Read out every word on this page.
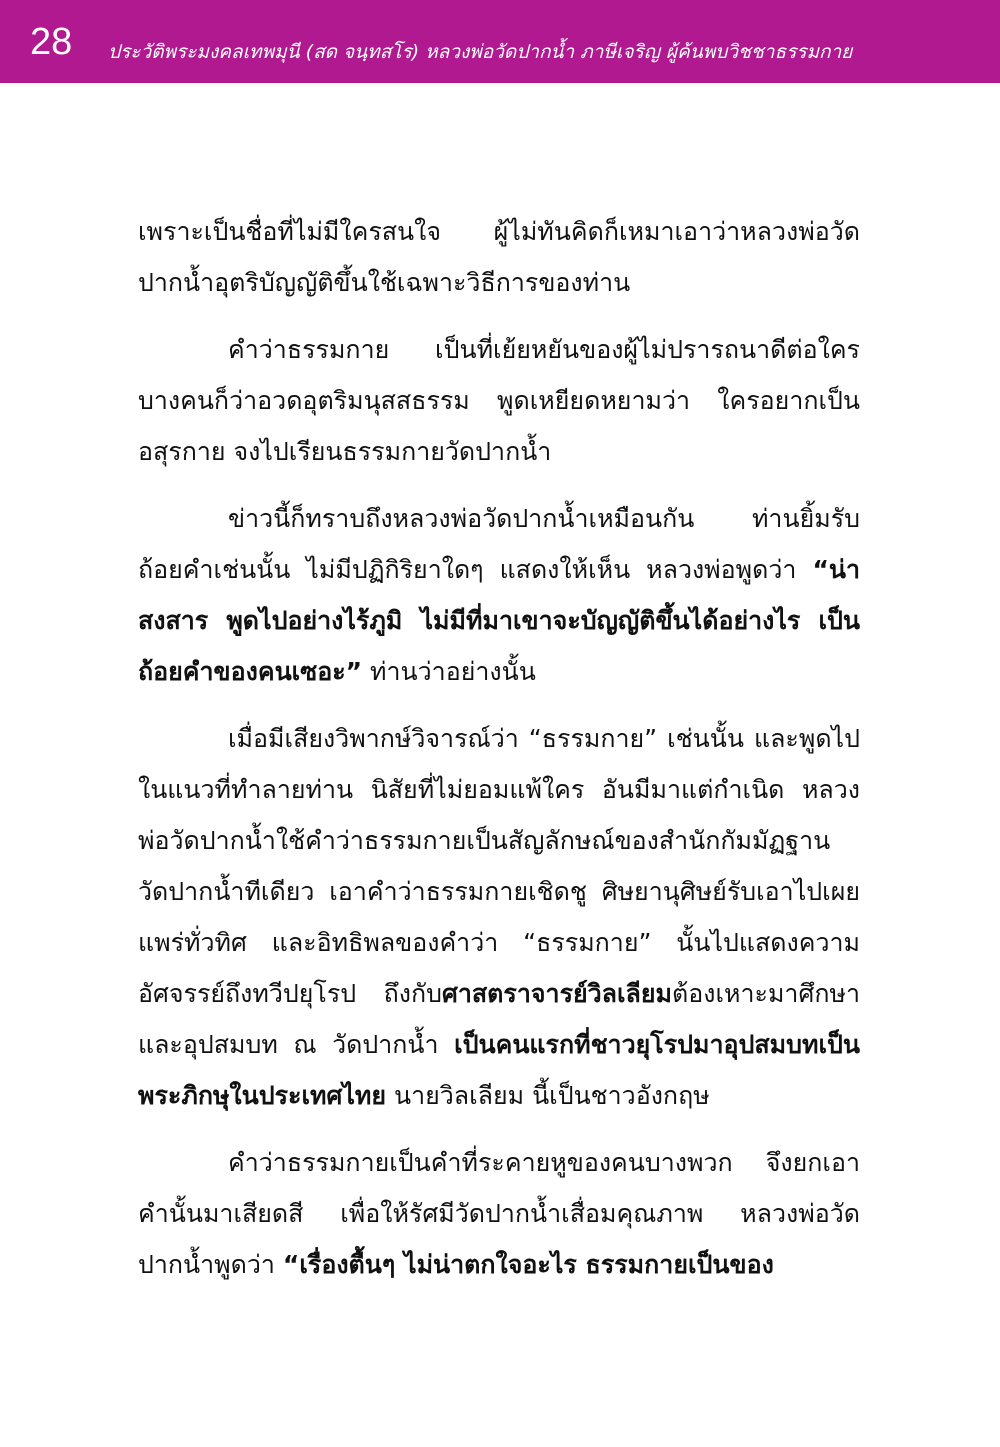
28 ประวัติพระมงคลเทพมุนี (สด จนฺทสโร) หลวงพ่อวัดปากน้ำ ภาษีเจริญ ผู้ค้นพบวิชชาธรรมกาย

เพราะเป็นชื่อที่ไม่มีใครสนใจ ผู้ไม่ทันคิดก็เหมาเอาว่าหลวงพ่อวัดปากน้ำอุตริบัญญัติขึ้นใช้เฉพาะวิธีการของท่าน

คำว่าธรรมกาย เป็นที่เย้ยหยันของผู้ไม่ปรารถนาดีต่อใคร บางคนก็ว่าอวดอุตริมนุสสธรรม พูดเหยียดหยามว่า ใครอยากเป็นอสุรกาย จงไปเรียนธรรมกายวัดปากน้ำ

ข่าวนี้ก็ทราบถึงหลวงพ่อวัดปากน้ำเหมือนกัน ท่านยิ้มรับถ้อยคำเช่นนั้น ไม่มีปฏิกิริยาใดๆ แสดงให้เห็น หลวงพ่อพูดว่า “น่าสงสาร พูดไปอย่างไร้ภูมิ ไม่มีที่มาเขาจะบัญญัติขึ้นได้อย่างไร เป็นถ้อยคำของคนเซอะ” ท่านว่าอย่างนั้น

เมื่อมีเสียงวิพากษ์วิจารณ์ว่า “ธรรมกาย” เช่นนั้น และพูดไปในแนวที่ทำลายท่าน นิสัยที่ไม่ยอมแพ้ใคร อันมีมาแต่กำเนิด หลวงพ่อวัดปากน้ำใช้คำว่าธรรมกายเป็นสัญลักษณ์ของสำนักกัมมัฏฐานวัดปากน้ำทีเดียว เอาคำว่าธรรมกายเชิดชู ศิษยานุศิษย์รับเอาไปเผยแพร่ทั่วทิศ และอิทธิพลของคำว่า “ธรรมกาย” นั้นไปแสดงความอัศจรรย์ถึงทวีปยุโรป ถึงกับศาสตราจารย์วิลเลียมต้องเหาะมาศึกษาและอุปสมบท ณ วัดปากน้ำ เป็นคนแรกที่ชาวยุโรปมาอุปสมบทเป็นพระภิกษุในประเทศไทย นายวิลเลียม นี้เป็นชาวอังกฤษ

คำว่าธรรมกายเป็นคำที่ระคายหูของคนบางพวก จึงยกเอาคำนั้นมาเสียดสี เพื่อให้รัศมีวัดปากน้ำเสื่อมคุณภาพ หลวงพ่อวัดปากน้ำพูดว่า “เรื่องตื้นๆ ไม่น่าตกใจอะไร ธรรมกายเป็นของ
